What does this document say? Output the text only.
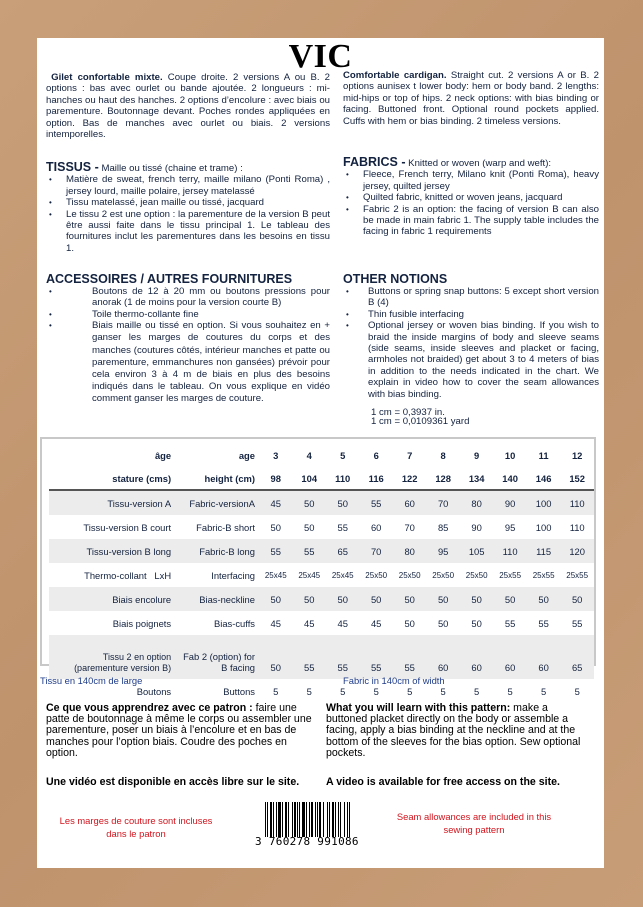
VIC
Gilet confortable mixte. Coupe droite. 2 versions A ou B. 2 options : bas avec ourlet ou bande ajoutée. 2 longueurs : mi-hanches ou haut des hanches. 2 options d’encolure : avec biais ou parementure. Boutonnage devant. Poches rondes appliquées en option. Bas de manches avec ourlet ou biais. 2 versions intemporelles.
Comfortable cardigan. Straight cut. 2 versions A or B. 2 options aunisex t lower body: hem or body band. 2 lengths: mid-hips or top of hips. 2 neck options: with bias binding or facing. Buttoned front. Optional round pockets applied. Cuffs with hem or bias binding. 2 timeless versions.
TISSUS - Maille ou tissé (chaine et trame) :
• Matière de sweat, french terry, maille milano (Ponti Roma) , jersey lourd, maille polaire, jersey matelassé
• Tissu matelassé, jean maille ou tissé, jacquard
• Le tissu 2 est une option : la parementure de la version B peut être aussi faite dans le tissu principal 1. Le tableau des fournitures inclut les parementures dans les besoins en tissu 1.
FABRICS - Knitted or woven (warp and weft):
• Fleece, French terry, Milano knit (Ponti Roma), heavy jersey, quilted jersey
• Quilted fabric, knitted or woven jeans, jacquard
• Fabric 2 is an option: the facing of version B can also be made in main fabric 1. The supply table includes the facing in fabric 1 requirements
ACCESSOIRES / AUTRES FOURNITURES
• Boutons de 12 à 20 mm ou boutons pressions pour anorak (1 de moins pour la version courte B)
• Toile thermo-collante fine
• Biais maille ou tissé en option. Si vous souhaitez en + ganser les marges de coutures du corps et des manches (coutures côtés, intérieur manches et patte ou parementure, emmanchures non gansées) prévoir pour cela environ 3 à 4 m de biais en plus des besoins indiqués dans le tableau. On vous explique en vidéo comment ganser les marges de couture.
OTHER NOTIONS
• Buttons or spring snap buttons: 5 except short version B (4)
• Thin fusible interfacing
• Optional jersey or woven bias binding. If you wish to braid the inside margins of body and sleeve seams (side seams, inside sleeves and placket or facing, armholes not braided) get about 3 to 4 meters of bias in addition to the needs indicated in the chart. We explain in video how to cover the seam allowances with bias binding.
1 cm = 0,3937 in.
1 cm = 0,0109361 yard
âge	age	3	4	5	6	7	8	9	10	11	12
stature (cms)	height (cm)	98	104	110	116	122	128	134	140	146	152
Tissu-version A	Fabric-versionA	45	50	50	55	60	70	80	90	100	110
Tissu-version B court	Fabric-B short	50	50	55	60	70	85	90	95	100	110
Tissu-version B long	Fabric-B long	55	55	65	70	80	95	105	110	115	120
Thermo-collant   LxH	Interfacing	25x45	25x45	25x45	25x50	25x50	25x50	25x50	25x55	25x55	25x55
Biais encolure	Bias-neckline	50	50	50	50	50	50	50	50	50	50
Biais poignets	Bias-cuffs	45	45	45	45	50	50	50	55	55	55
Tissu 2 en option (parementure version B)	Fab 2 (option) for B facing	50	55	55	55	55	60	60	60	60	65
Boutons	Buttons	5	5	5	5	5	5	5	5	5	5
Tissu en 140cm de large	Fabric in 140cm of width
Ce que vous apprendrez avec ce patron : faire une patte de boutonnage à même le corps ou assembler une parementure, poser un biais à l’encolure et en bas de manches pour l’option biais. Coudre des poches en option.
What you will learn with this pattern: make a buttoned placket directly on the body or assemble a facing, apply a bias binding at the neckline and at the bottom of the sleeves for the bias option. Sew optional pockets.
Une vidéo est disponible en accès libre sur le site.	A video is available for free access on the site.
Les marges de couture sont incluses dans le patron
Seam allowances are included in this sewing pattern
3 760278 991086
